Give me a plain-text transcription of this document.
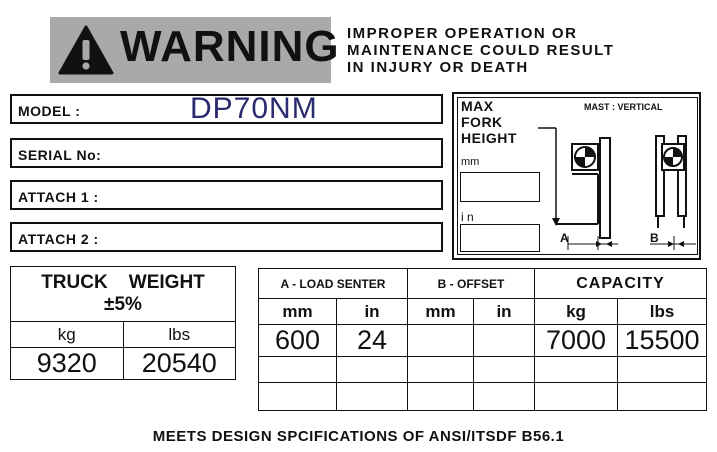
WARNING IMPROPER OPERATION OR
MAINTENANCE COULD RESULT
IN INJURY OR DEATH
MODEL :	DP70NM
SERIAL No:
ATTACH 1 :
ATTACH 2 :
MAX
FORK
HEIGHT
MAST : VERTICAL
mm
i n
A	B
TRUCK    WEIGHT
±5%	

kg	lbs
9320	20540
A - LOAD SENTER		B - OFFSET		CAPACITY	
mm	in	mm	in	kg	lbs
600	24			7000	15500

MEETS DESIGN SPCIFICATIONS OF ANSI/ITSDF B56.1
